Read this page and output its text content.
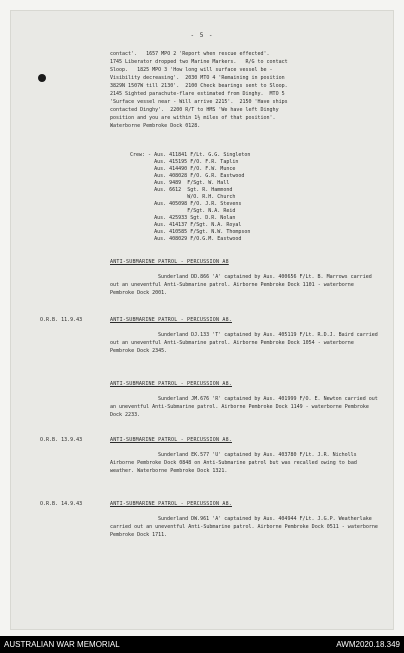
- 5 -
contact'.   1657 MPO 2 'Report when rescue effected'.
1745 Liberator dropped two Marine Markers.   R/G to contact
Sloop.   1825 MPO 3 'How long will surface vessel be -
Visibility decreasing'.  2030 MTO 4 'Remaining in position
3829N 1507W till 2130'.  2100 Check bearings sent to Sloop.
2145 Sighted parachute-flare estimated from Dinghy.  MTO 5
'Surface vessel near - Will arrive 2215'.  2150 'Have ships
contacted Dinghy'.  2200 R/T to HMS 'We have left Dinghy
position and you are within 1½ miles of that position'.
Waterborne Pembroke Dock 0128.
Crew: - Aus. 411841 F/Lt. G.G. Singleton
Aus. 415195 F/O. F.R. Taplin
Aus. 414490 F/O. F.W. Munce
Aus. 408028 F/O. G.R. Eastwood
Aus. 9489  F/Sgt. W. Hall
Aus. 6612  Sgt. R. Hammond
W/O. R.H. Church
Aus. 405098 F/O. J.R. Stevens
F/Sgt. N.A. Reid
Aus. 425933 Sgt. D.R. Nolan
Aus. 414137 F/Sgt. N.A. Royal
Aus. 410585 F/Sgt. N.W. Thompson
Aus. 408029 F/O.G.M. Eastwood
ANTI-SUBMARINE PATROL - PERCUSSION A8
Sunderland DD.866 'A' captained by Aus. 400656 F/Lt. B. Marrows carried out an uneventful Anti-Submarine patrol. Airborne Pembroke Dock 1101 - waterborne Pembroke Dock 2001.
O.R.B. 11.9.43	ANTI-SUBMARINE PATROL - PERCUSSION A8.
Sunderland DJ.133 'T' captained by Aus. 405119 F/Lt. R.D.J. Baird carried out an uneventful Anti-Submarine patrol. Airborne Pembroke Dock 1054 - waterborne Pembroke Dock 2345.
ANTI-SUBMARINE PATROL - PERCUSSION A8.
Sunderland JM.676 'R' captained by Aus. 401999 F/O. E. Newton carried out an uneventful Anti-Submarine patrol. Airborne Pembroke Dock 1149 - waterborne Pembroke Dock 2233.
O.R.B. 13.9.43	ANTI-SUBMARINE PATROL - PERCUSSION A8.
Sunderland EK.577 'U' captained by Aus. 403780 F/Lt. J.R. Nicholls Airborne Pembroke Dock 0848 on Anti-Submarine patrol but was recalled owing to bad weather. Waterborne Pembroke Dock 1321.
O.R.B. 14.9.43	ANTI-SUBMARINE PATROL - PERCUSSION A8.
Sunderland DW.961 'A' captained by Aus. 404944 F/Lt. J.G.P. Weatherlake carried out an uneventful Anti-Submarine patrol. Airborne Pembroke Dock 0511 - waterborne Pembroke Dock 1711.
AUSTRALIAN WAR MEMORIAL	AWM2020.18.349
